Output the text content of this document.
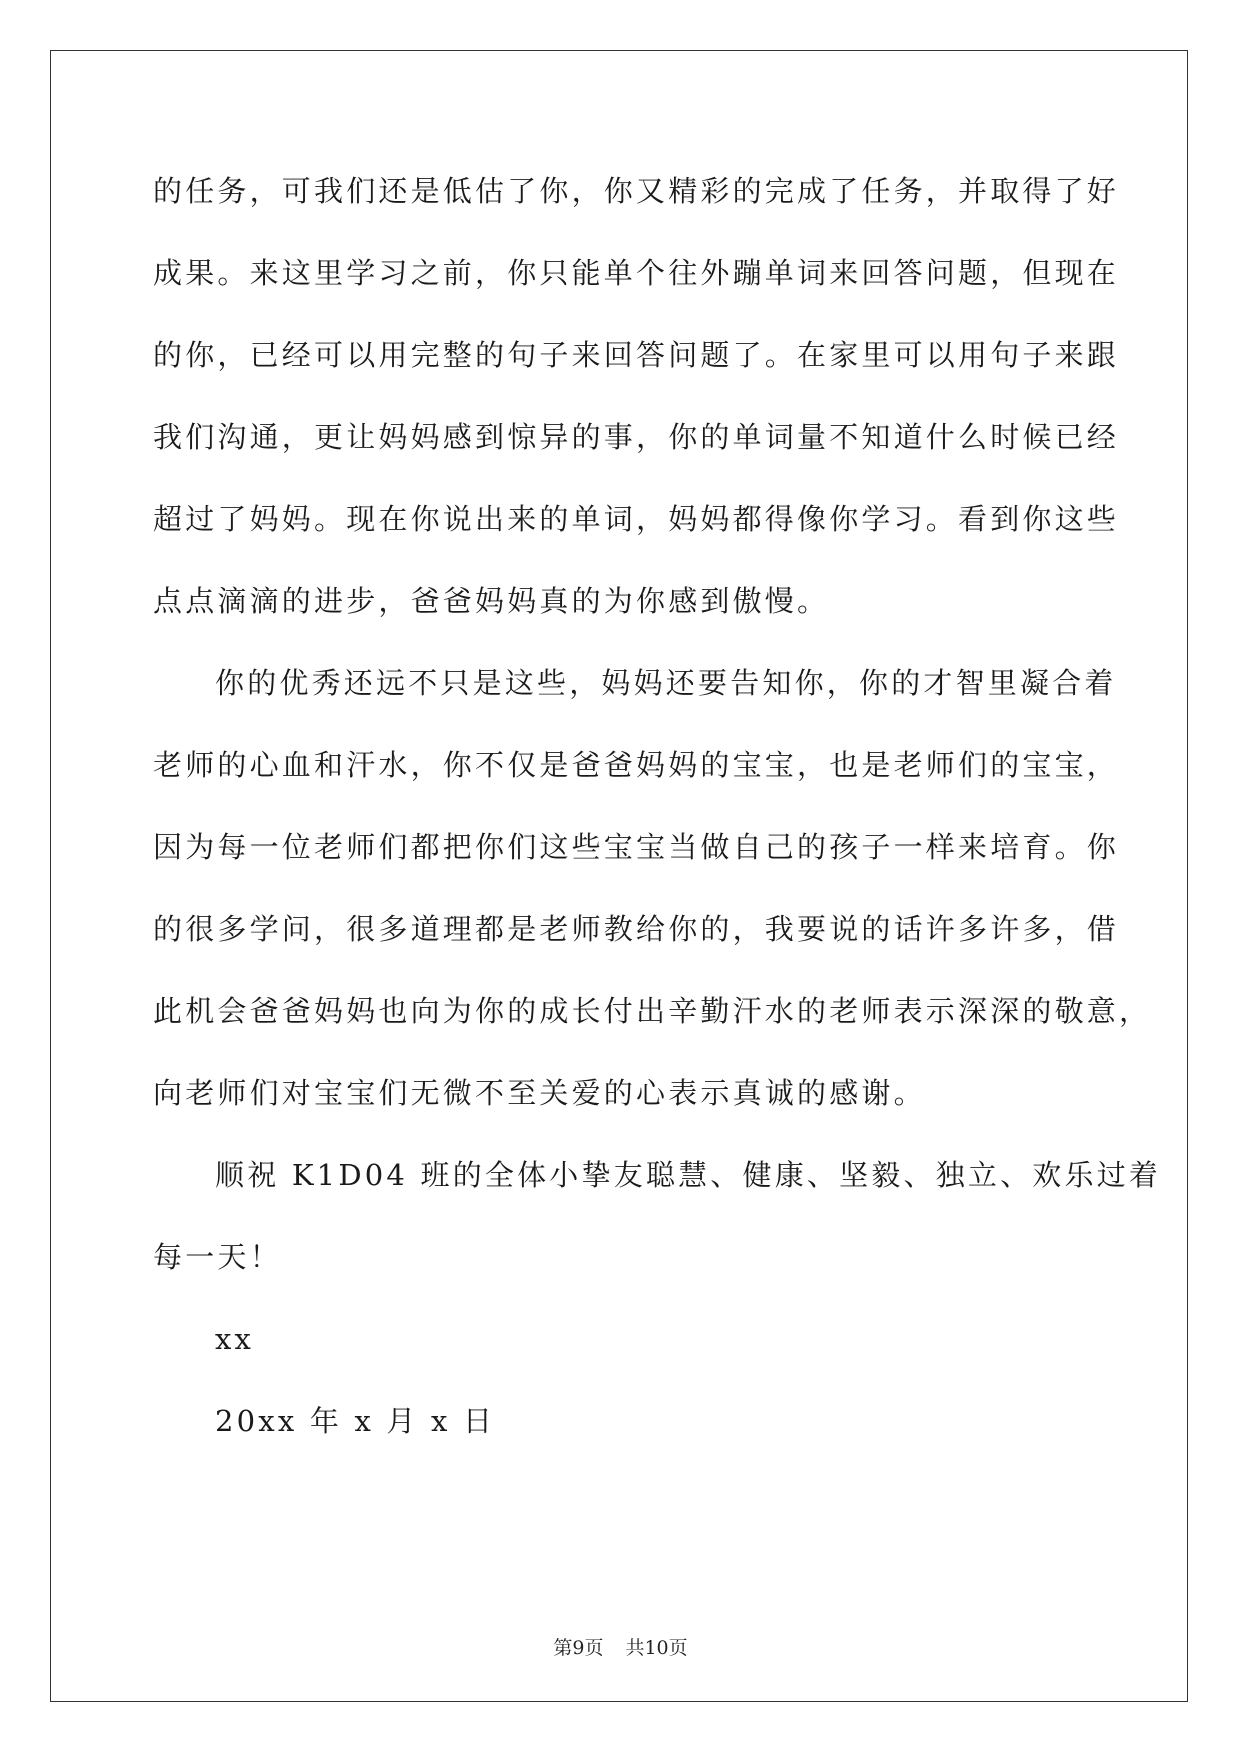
的任务，可我们还是低估了你，你又精彩的完成了任务，并取得了好
成果。来这里学习之前，你只能单个往外蹦单词来回答问题，但现在
的你，已经可以用完整的句子来回答问题了。在家里可以用句子来跟
我们沟通，更让妈妈感到惊异的事，你的单词量不知道什么时候已经
超过了妈妈。现在你说出来的单词，妈妈都得像你学习。看到你这些
点点滴滴的进步，爸爸妈妈真的为你感到傲慢。
你的优秀还远不只是这些，妈妈还要告知你，你的才智里凝合着
老师的心血和汗水，你不仅是爸爸妈妈的宝宝，也是老师们的宝宝，
因为每一位老师们都把你们这些宝宝当做自己的孩子一样来培育。你
的很多学问，很多道理都是老师教给你的，我要说的话许多许多，借
此机会爸爸妈妈也向为你的成长付出辛勤汗水的老师表示深深的敬意，
向老师们对宝宝们无微不至关爱的心表示真诚的感谢。
顺祝 K1D04 班的全体小挚友聪慧、健康、坚毅、独立、欢乐过着
每一天！
xx
20xx 年 x 月 x 日
第9页 共10页
